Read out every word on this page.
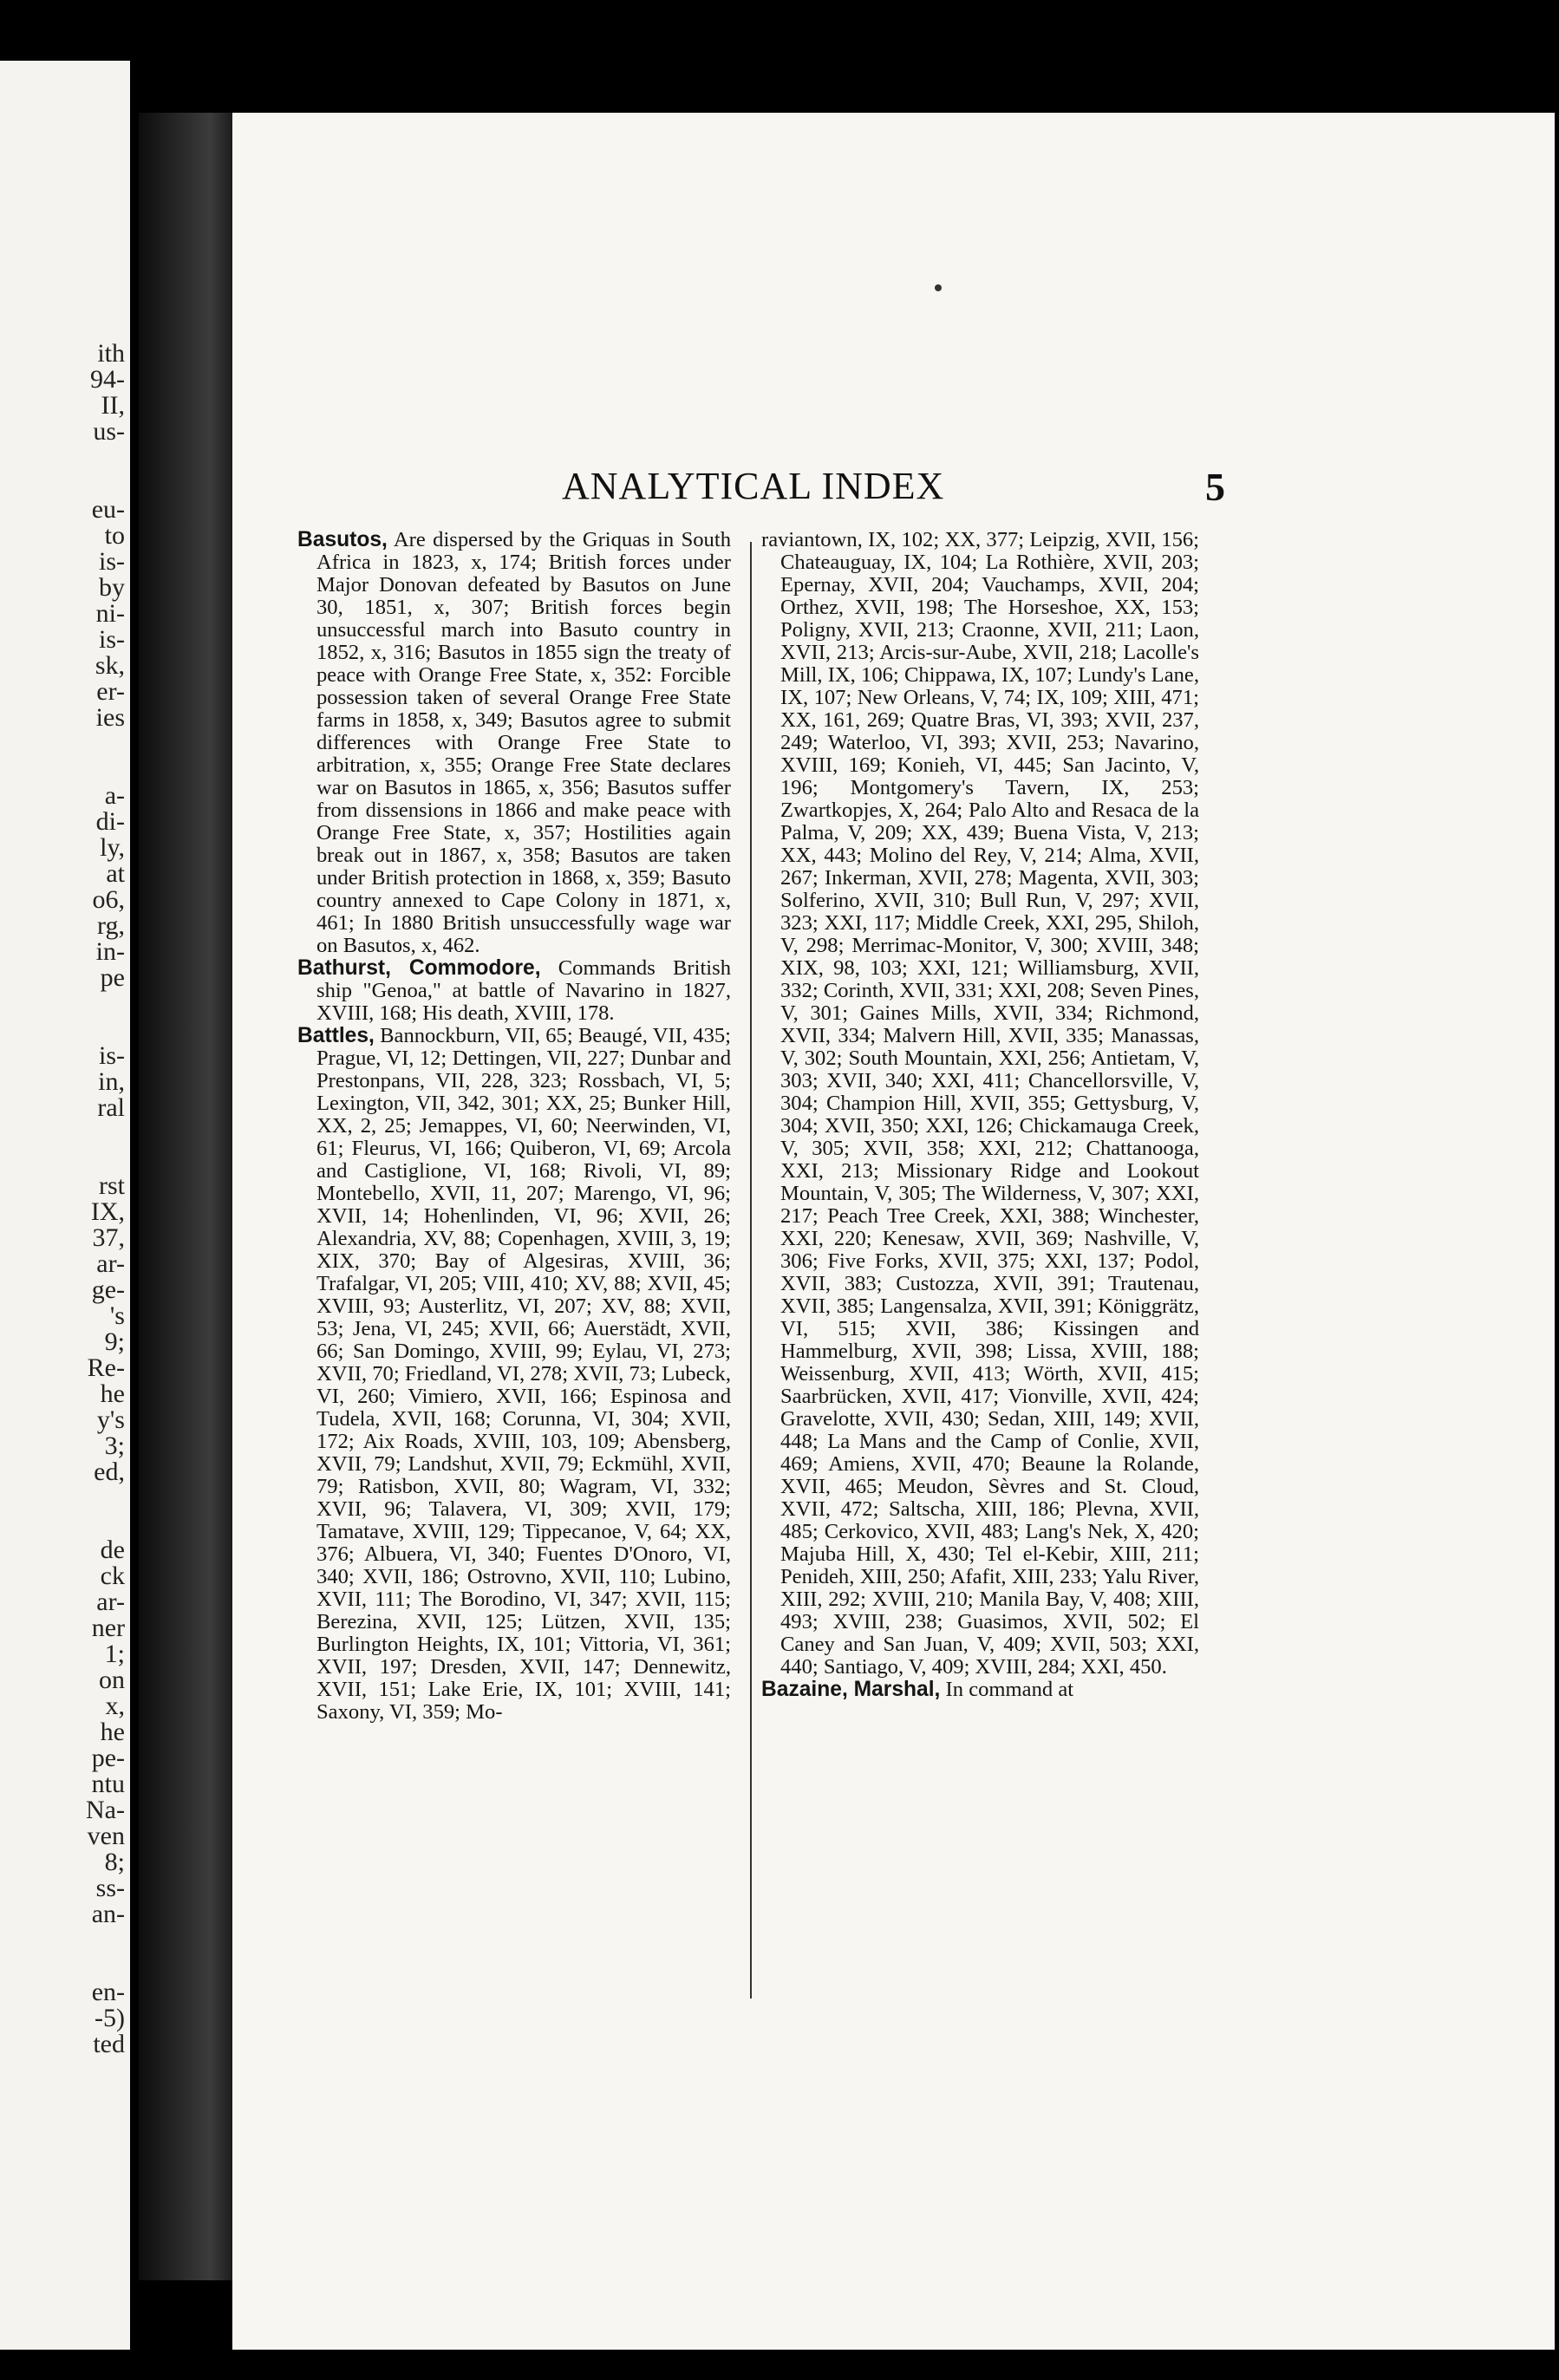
ith
94-
II,
us-
eu-
to
is-
by
ni-
is-
sk,
er-
ies
a-
di-
ly,
at
o6,
rg,
in-
pe
is-
in,
ral
rst
IX,
37,
ar-
ge-
's
9;
Re-
he
y's
3;
ed,
de
ck
ar-
ner
1;
on
x,
he
pe-
ntu
Na-
ven
8;
ss-
an-
en-
-5)
ted
ANALYTICAL INDEX	5

Basutos, Are dispersed by the Griquas in South Africa in 1823, x, 174; British forces under Major Donovan defeated by Basutos on June 30, 1851, x, 307; British forces begin unsuccessful march into Basuto country in 1852, x, 316; Basutos in 1855 sign the treaty of peace with Orange Free State, x, 352: Forcible possession taken of several Orange Free State farms in 1858, x, 349; Basutos agree to submit differences with Orange Free State to arbitration, x, 355; Orange Free State declares war on Basutos in 1865, x, 356; Basutos suffer from dissensions in 1866 and make peace with Orange Free State, x, 357; Hostilities again break out in 1867, x, 358; Basutos are taken under British protection in 1868, x, 359; Basuto country annexed to Cape Colony in 1871, x, 461; In 1880 British unsuccessfully wage war on Basutos, x, 462.

Bathurst, Commodore, Commands British ship "Genoa," at battle of Navarino in 1827, XVIII, 168; His death, XVIII, 178.

Battles, Bannockburn, VII, 65; Beaugé, VII, 435; Prague, VI, 12; Dettingen, VII, 227; Dunbar and Prestonpans, VII, 228, 323; Rossbach, VI, 5; Lexington, VII, 342, 301; XX, 25; Bunker Hill, XX, 2, 25; Jemappes, VI, 60; Neerwinden, VI, 61; Fleurus, VI, 166; Quiberon, VI, 69; Arcola and Castiglione, VI, 168; Rivoli, VI, 89; Montebello, XVII, 11, 207; Marengo, VI, 96; XVII, 14; Hohenlinden, VI, 96; XVII, 26; Alexandria, XV, 88; Copenhagen, XVIII, 3, 19; XIX, 370; Bay of Algesiras, XVIII, 36; Trafalgar, VI, 205; VIII, 410; XV, 88; XVII, 45; XVIII, 93; Austerlitz, VI, 207; XV, 88; XVII, 53; Jena, VI, 245; XVII, 66; Auerstädt, XVII, 66; San Domingo, XVIII, 99; Eylau, VI, 273; XVII, 70; Friedland, VI, 278; XVII, 73; Lubeck, VI, 260; Vimiero, XVII, 166; Espinosa and Tudela, XVII, 168; Corunna, VI, 304; XVII, 172; Aix Roads, XVIII, 103, 109; Abensberg, XVII, 79; Landshut, XVII, 79; Eckmühl, XVII, 79; Ratisbon, XVII, 80; Wagram, VI, 332; XVII, 96; Talavera, VI, 309; XVII, 179; Tamatave, XVIII, 129; Tippecanoe, V, 64; XX, 376; Albuera, VI, 340; Fuentes D'Onoro, VI, 340; XVII, 186; Ostrovno, XVII, 110; Lubino, XVII, 111; The Borodino, VI, 347; XVII, 115; Berezina, XVII, 125; Lützen, XVII, 135; Burlington Heights, IX, 101; Vittoria, VI, 361; XVII, 197; Dresden, XVII, 147; Dennewitz, XVII, 151; Lake Erie, IX, 101; XVIII, 141; Saxony, VI, 359; Mo-

raviantown, IX, 102; XX, 377; Leipzig, XVII, 156; Chateauguay, IX, 104; La Rothière, XVII, 203; Epernay, XVII, 204; Vauchamps, XVII, 204; Orthez, XVII, 198; The Horseshoe, XX, 153; Poligny, XVII, 213; Craonne, XVII, 211; Laon, XVII, 213; Arcis-sur-Aube, XVII, 218; Lacolle's Mill, IX, 106; Chippawa, IX, 107; Lundy's Lane, IX, 107; New Orleans, V, 74; IX, 109; XIII, 471; XX, 161, 269; Quatre Bras, VI, 393; XVII, 237, 249; Waterloo, VI, 393; XVII, 253; Navarino, XVIII, 169; Konieh, VI, 445; San Jacinto, V, 196; Montgomery's Tavern, IX, 253; Zwartkopjes, X, 264; Palo Alto and Resaca de la Palma, V, 209; XX, 439; Buena Vista, V, 213; XX, 443; Molino del Rey, V, 214; Alma, XVII, 267; Inkerman, XVII, 278; Magenta, XVII, 303; Solferino, XVII, 310; Bull Run, V, 297; XVII, 323; XXI, 117; Middle Creek, XXI, 295, Shiloh, V, 298; Merrimac-Monitor, V, 300; XVIII, 348; XIX, 98, 103; XXI, 121; Williamsburg, XVII, 332; Corinth, XVII, 331; XXI, 208; Seven Pines, V, 301; Gaines Mills, XVII, 334; Richmond, XVII, 334; Malvern Hill, XVII, 335; Manassas, V, 302; South Mountain, XXI, 256; Antietam, V, 303; XVII, 340; XXI, 411; Chancellorsville, V, 304; Champion Hill, XVII, 355; Gettysburg, V, 304; XVII, 350; XXI, 126; Chickamauga Creek, V, 305; XVII, 358; XXI, 212; Chattanooga, XXI, 213; Missionary Ridge and Lookout Mountain, V, 305; The Wilderness, V, 307; XXI, 217; Peach Tree Creek, XXI, 388; Winchester, XXI, 220; Kenesaw, XVII, 369; Nashville, V, 306; Five Forks, XVII, 375; XXI, 137; Podol, XVII, 383; Custozza, XVII, 391; Trautenau, XVII, 385; Langensalza, XVII, 391; Königgrätz, VI, 515; XVII, 386; Kissingen and Hammelburg, XVII, 398; Lissa, XVIII, 188; Weissenburg, XVII, 413; Wörth, XVII, 415; Saarbrücken, XVII, 417; Vionville, XVII, 424; Gravelotte, XVII, 430; Sedan, XIII, 149; XVII, 448; La Mans and the Camp of Conlie, XVII, 469; Amiens, XVII, 470; Beaune la Rolande, XVII, 465; Meudon, Sèvres and St. Cloud, XVII, 472; Saltscha, XIII, 186; Plevna, XVII, 485; Cerkovico, XVII, 483; Lang's Nek, X, 420; Majuba Hill, X, 430; Tel el-Kebir, XIII, 211; Penideh, XIII, 250; Afafit, XIII, 233; Yalu River, XIII, 292; XVIII, 210; Manila Bay, V, 408; XIII, 493; XVIII, 238; Guasimos, XVII, 502; El Caney and San Juan, V, 409; XVII, 503; XXI, 440; Santiago, V, 409; XVIII, 284; XXI, 450.

Bazaine, Marshal, In command at
